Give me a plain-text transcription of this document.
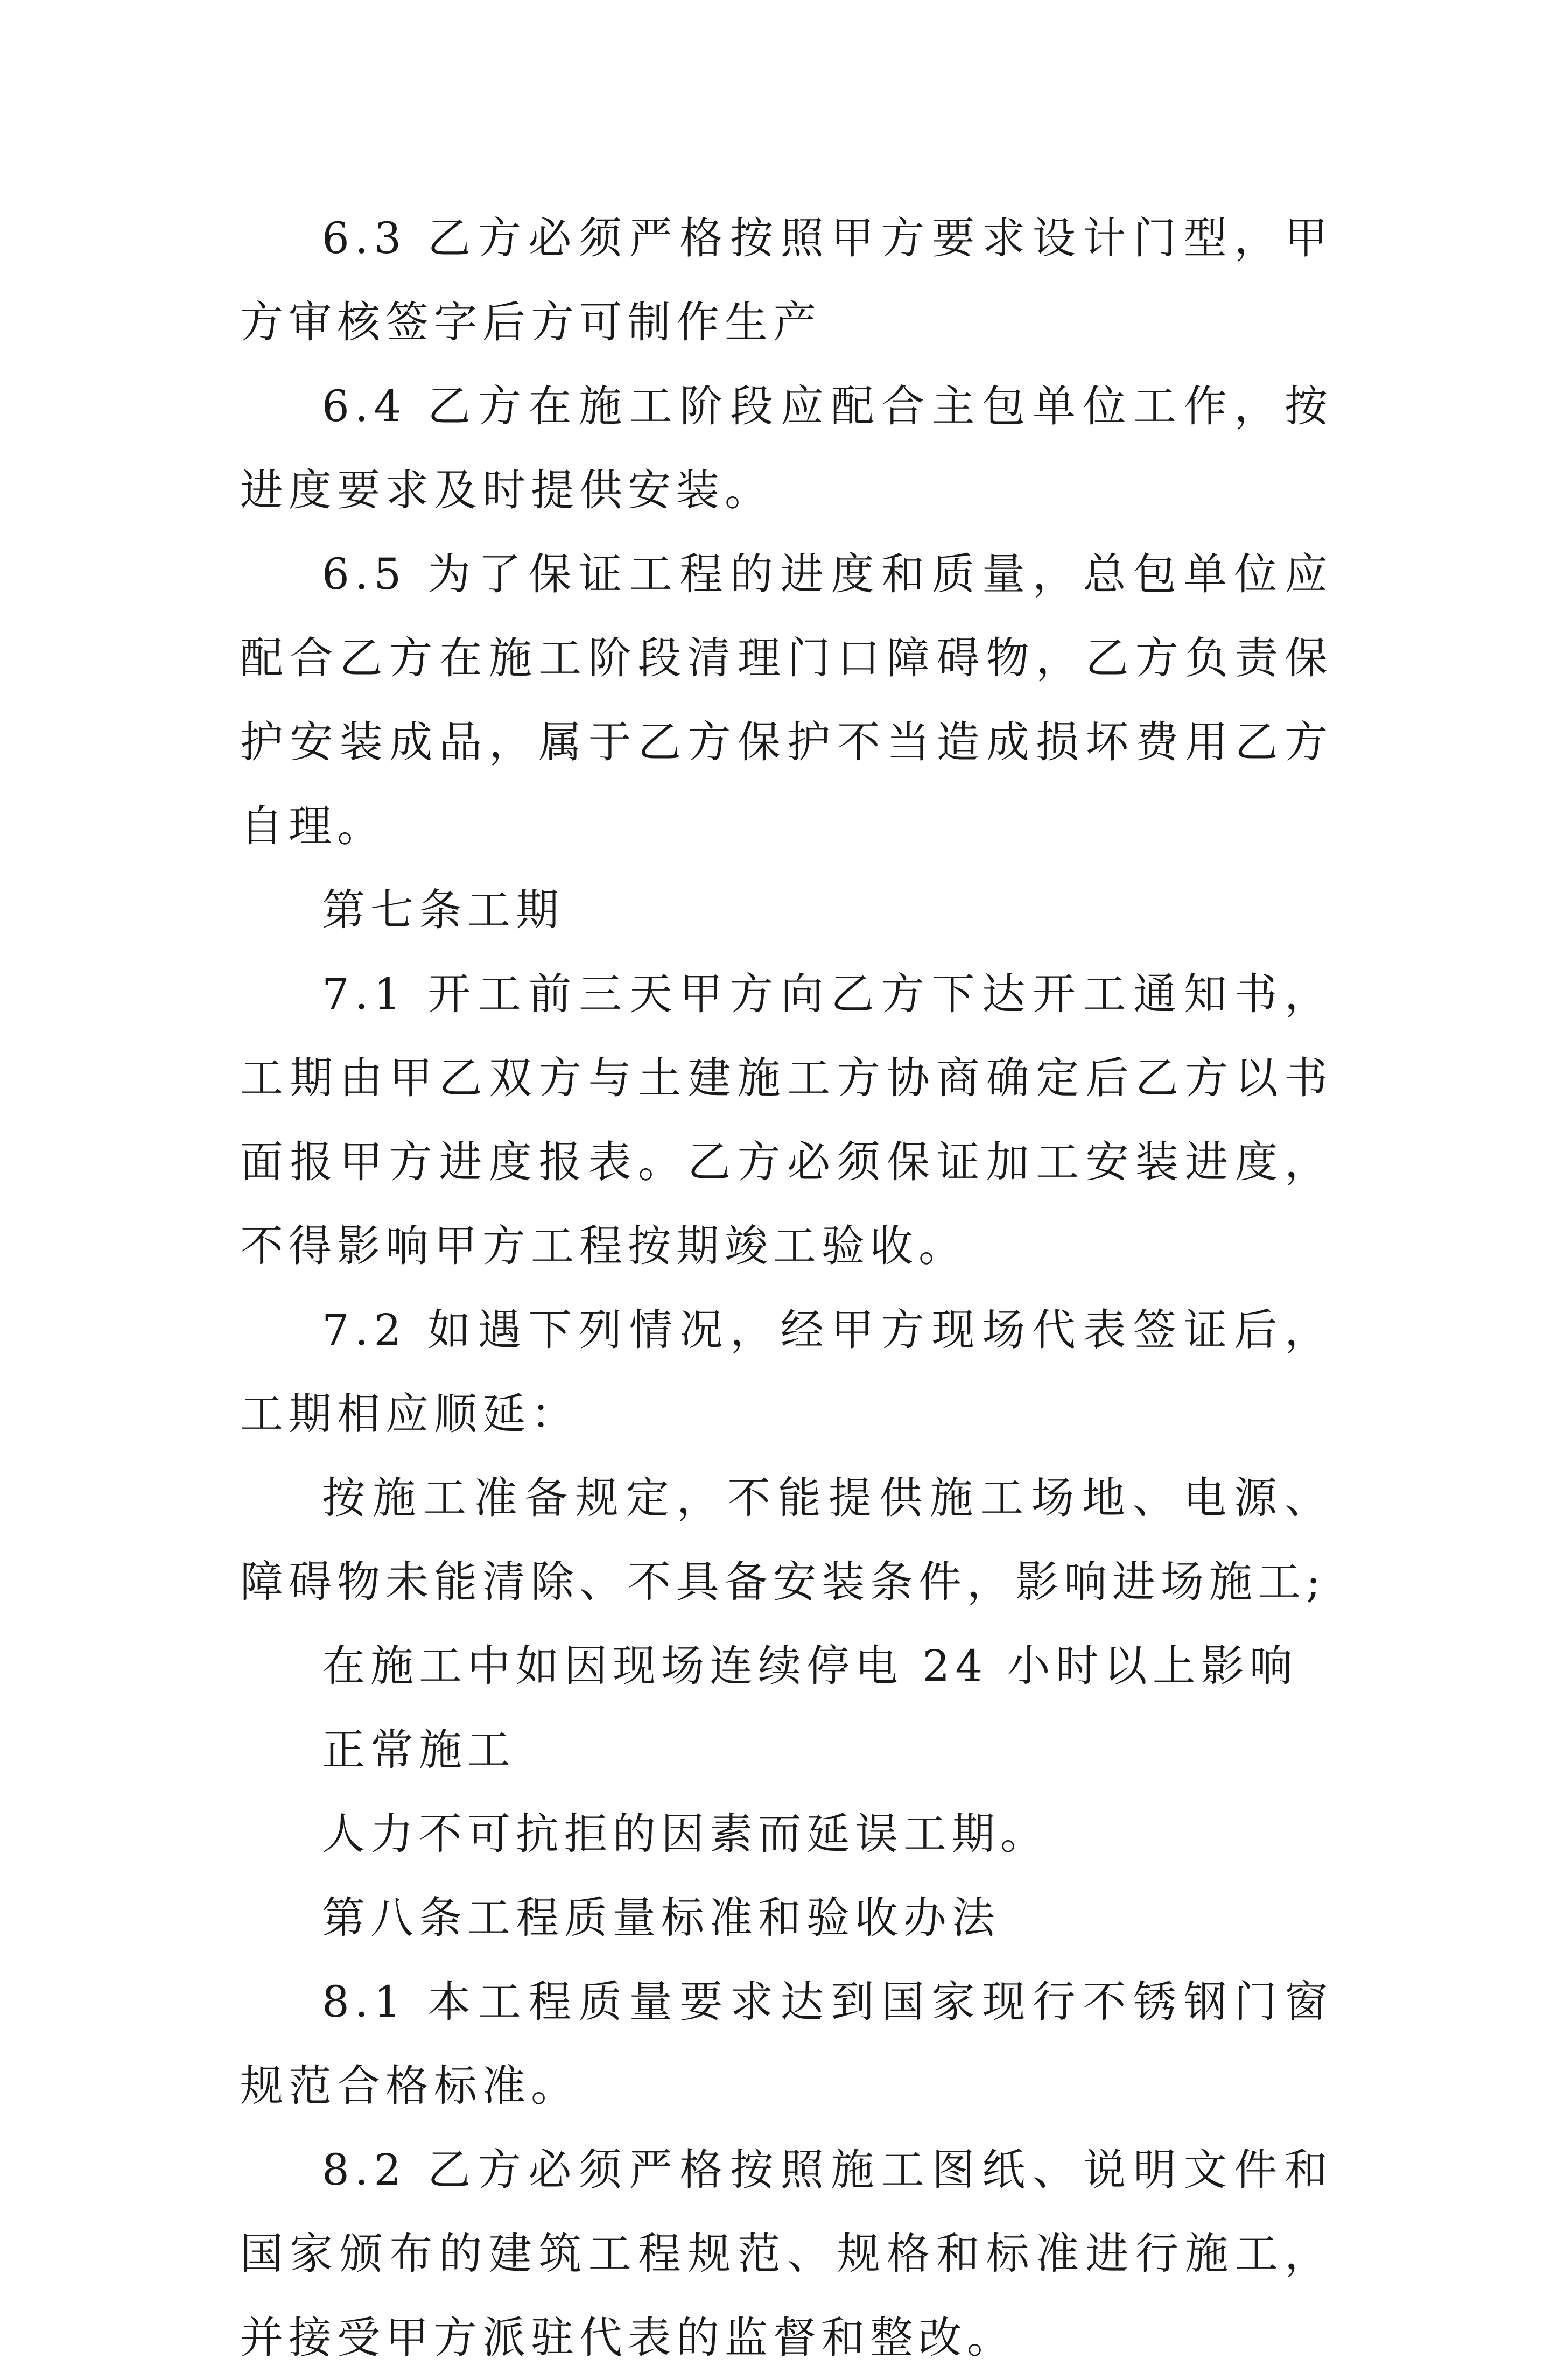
6.3 乙方必须严格按照甲方要求设计门型，甲方审核签字后方可制作生产

6.4 乙方在施工阶段应配合主包单位工作，按进度要求及时提供安装。

6.5 为了保证工程的进度和质量，总包单位应配合乙方在施工阶段清理门口障碍物，乙方负责保护安装成品，属于乙方保护不当造成损坏费用乙方自理。

第七条工期

7.1 开工前三天甲方向乙方下达开工通知书，工期由甲乙双方与土建施工方协商确定后乙方以书面报甲方进度报表。乙方必须保证加工安装进度，不得影响甲方工程按期竣工验收。

7.2 如遇下列情况，经甲方现场代表签证后，工期相应顺延：

按施工准备规定，不能提供施工场地、电源、障碍物未能清除、不具备安装条件，影响进场施工;

在施工中如因现场连续停电 24 小时以上影响正常施工

人力不可抗拒的因素而延误工期。

第八条工程质量标准和验收办法

8.1 本工程质量要求达到国家现行不锈钢门窗规范合格标准。

8.2 乙方必须严格按照施工图纸、说明文件和国家颁布的建筑工程规范、规格和标准进行施工，并接受甲方派驻代表的监督和整改。
